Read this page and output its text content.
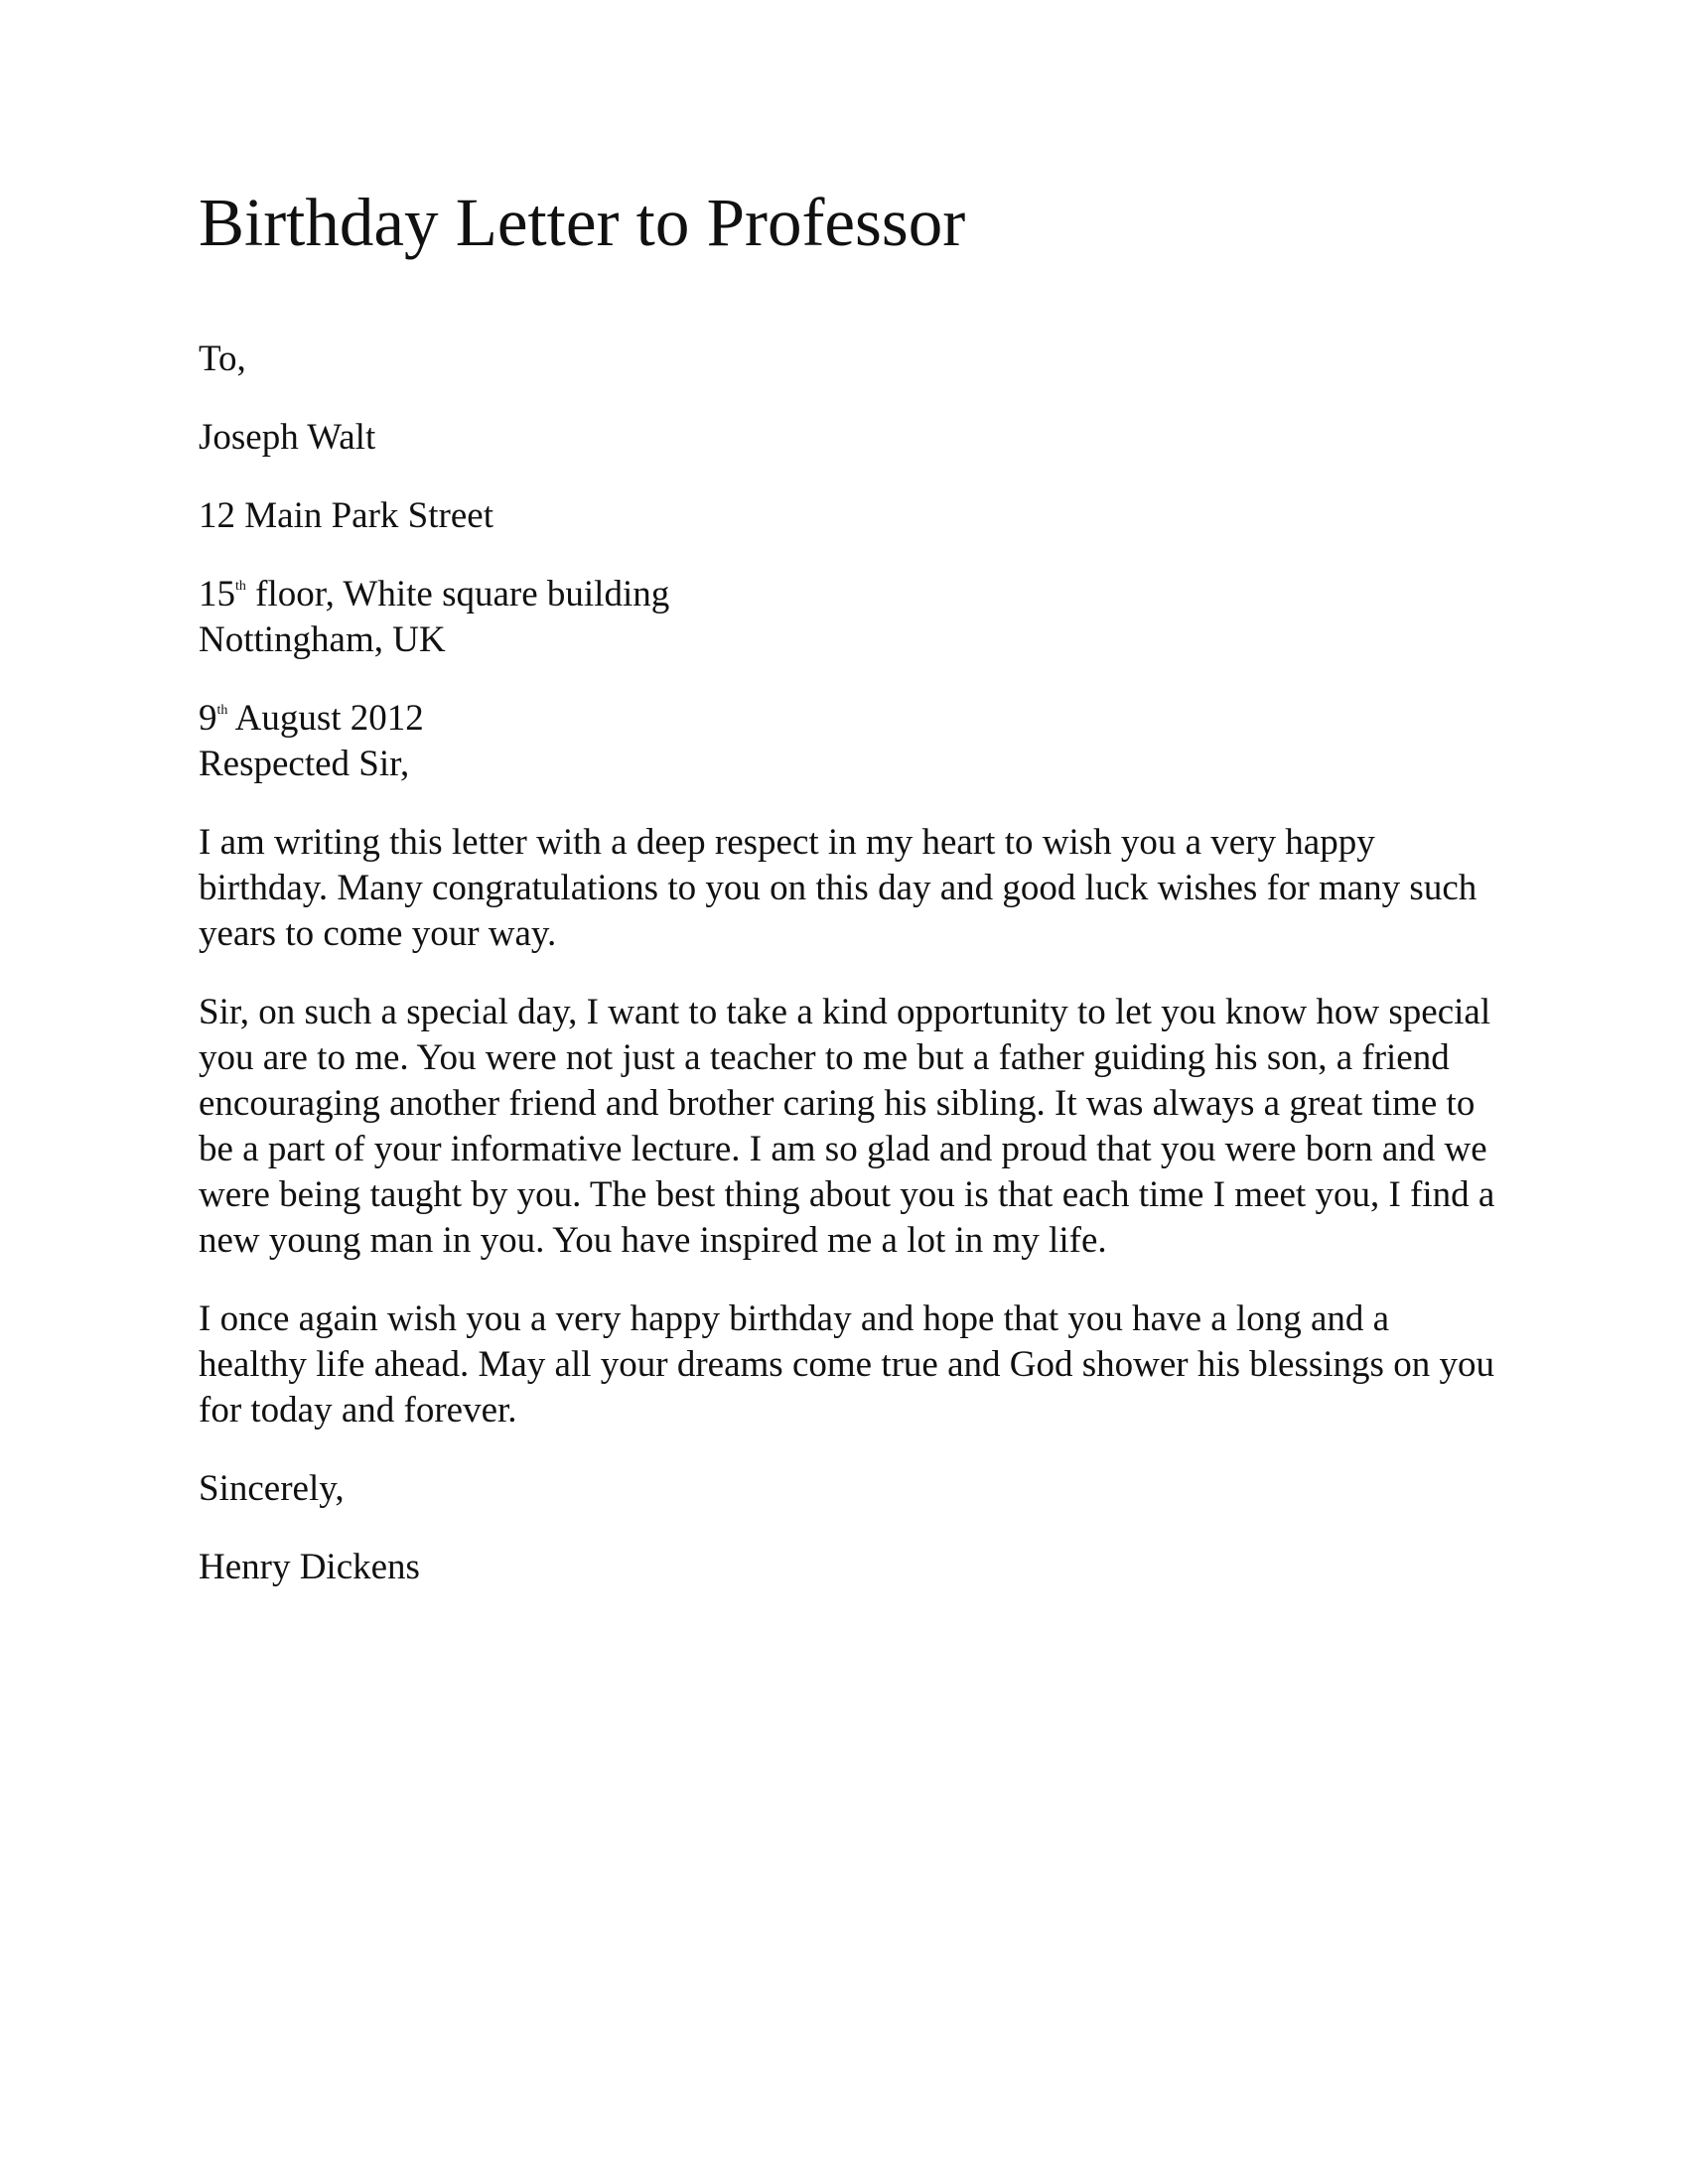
Birthday Letter to Professor

To,

Joseph Walt

12 Main Park Street

15th floor, White square building

Nottingham, UK

9th August 2012

Respected Sir,

I am writing this letter with a deep respect in my heart to wish you a very happy birthday. Many congratulations to you on this day and good luck wishes for many such years to come your way.

Sir, on such a special day, I want to take a kind opportunity to let you know how special you are to me. You were not just a teacher to me but a father guiding his son, a friend encouraging another friend and brother caring his sibling. It was always a great time to be a part of your informative lecture. I am so glad and proud that you were born and we were being taught by you. The best thing about you is that each time I meet you, I find a new young man in you. You have inspired me a lot in my life.

I once again wish you a very happy birthday and hope that you have a long and a healthy life ahead. May all your dreams come true and God shower his blessings on you for today and forever.

Sincerely,

Henry Dickens
